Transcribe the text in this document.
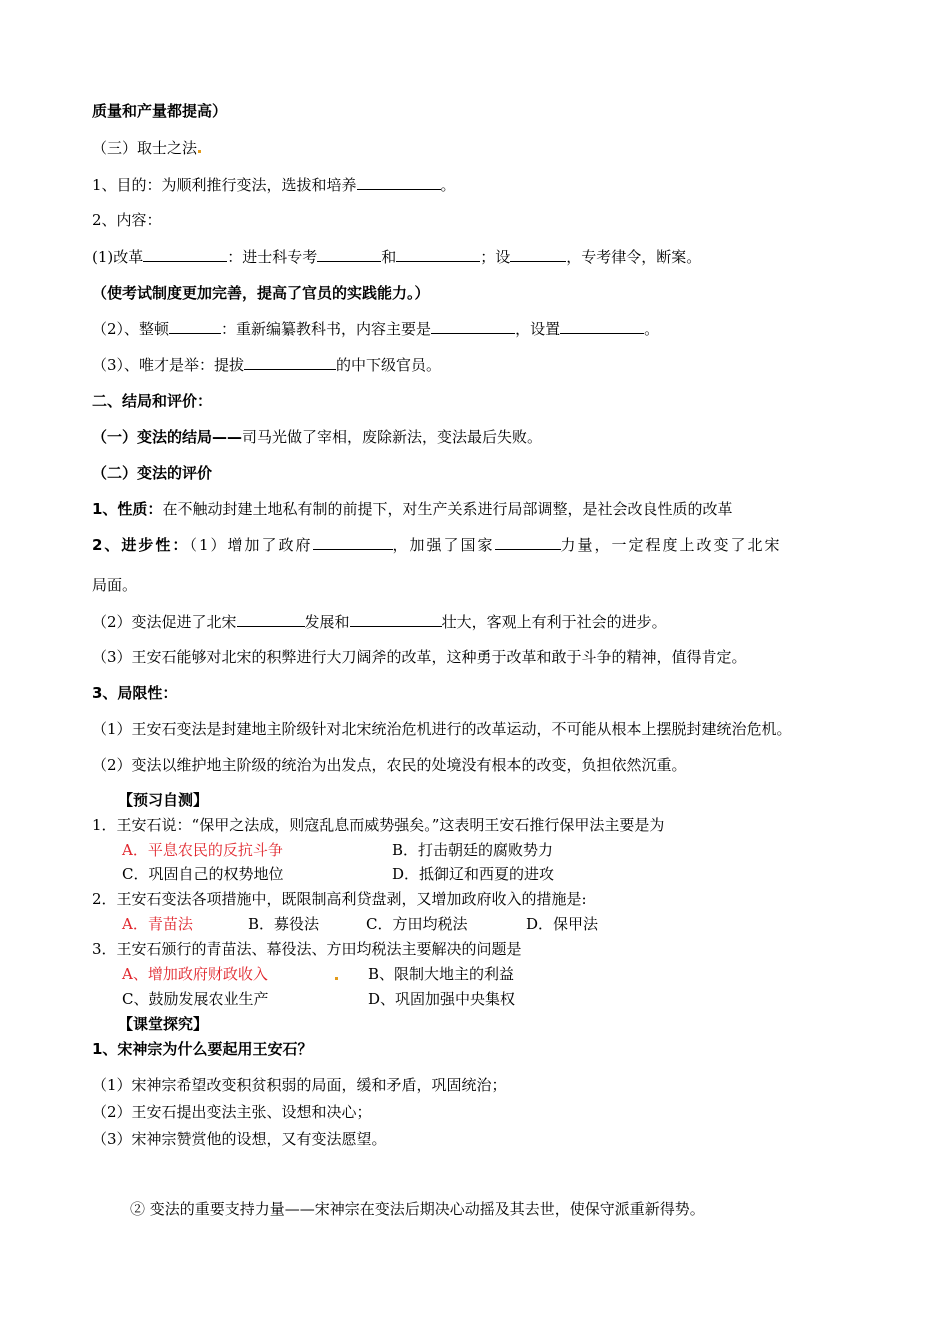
质量和产量都提高）
（三）取士之法
1、目的：为顺利推行变法，选拔和培养	。
2、内容：
(1)改革	：进士科专考	和	；设	，专考律令，断案。
（使考试制度更加完善，提高了官员的实践能力。）
（2）、整顿	：重新编纂教科书，内容主要是	，设置	。
（3）、唯才是举：提拔	的中下级官员。
二、结局和评价：
（一）变法的结局——司马光做了宰相，废除新法，变法最后失败。
（二）变法的评价
1、性质：在不触动封建土地私有制的前提下，对生产关系进行局部调整，是社会改良性质的改革
2、进步性：（1）增加了政府	，加强了国家	力量，一定程度上改变了北宋
局面。
（2）变法促进了北宋	发展和	壮大，客观上有利于社会的进步。
（3）王安石能够对北宋的积弊进行大刀阔斧的改革，这种勇于改革和敢于斗争的精神，值得肯定。
3、局限性：
（1）王安石变法是封建地主阶级针对北宋统治危机进行的改革运动，不可能从根本上摆脱封建统治危机。
（2）变法以维护地主阶级的统治为出发点，农民的处境没有根本的改变，负担依然沉重。
【预习自测】
1．王安石说：“保甲之法成，则寇乱息而威势强矣。”这表明王安石推行保甲法主要是为
A．平息农民的反抗斗争	B．打击朝廷的腐败势力
C．巩固自己的权势地位	D．抵御辽和西夏的进攻
2．王安石变法各项措施中，既限制高利贷盘剥，又增加政府收入的措施是:
A．青苗法	B．募役法	C．方田均税法	D．保甲法
3．王安石颁行的青苗法、幕役法、方田均税法主要解决的问题是
A、增加政府财政收入	B、限制大地主的利益
C、鼓励发展农业生产	D、巩固加强中央集权
【课堂探究】
1、宋神宗为什么要起用王安石？
（1）宋神宗希望改变积贫积弱的局面，缓和矛盾，巩固统治；
（2）王安石提出变法主张、设想和决心；
（3）宋神宗赞赏他的设想，又有变法愿望。
② 变法的重要支持力量——宋神宗在变法后期决心动摇及其去世，使保守派重新得势。
